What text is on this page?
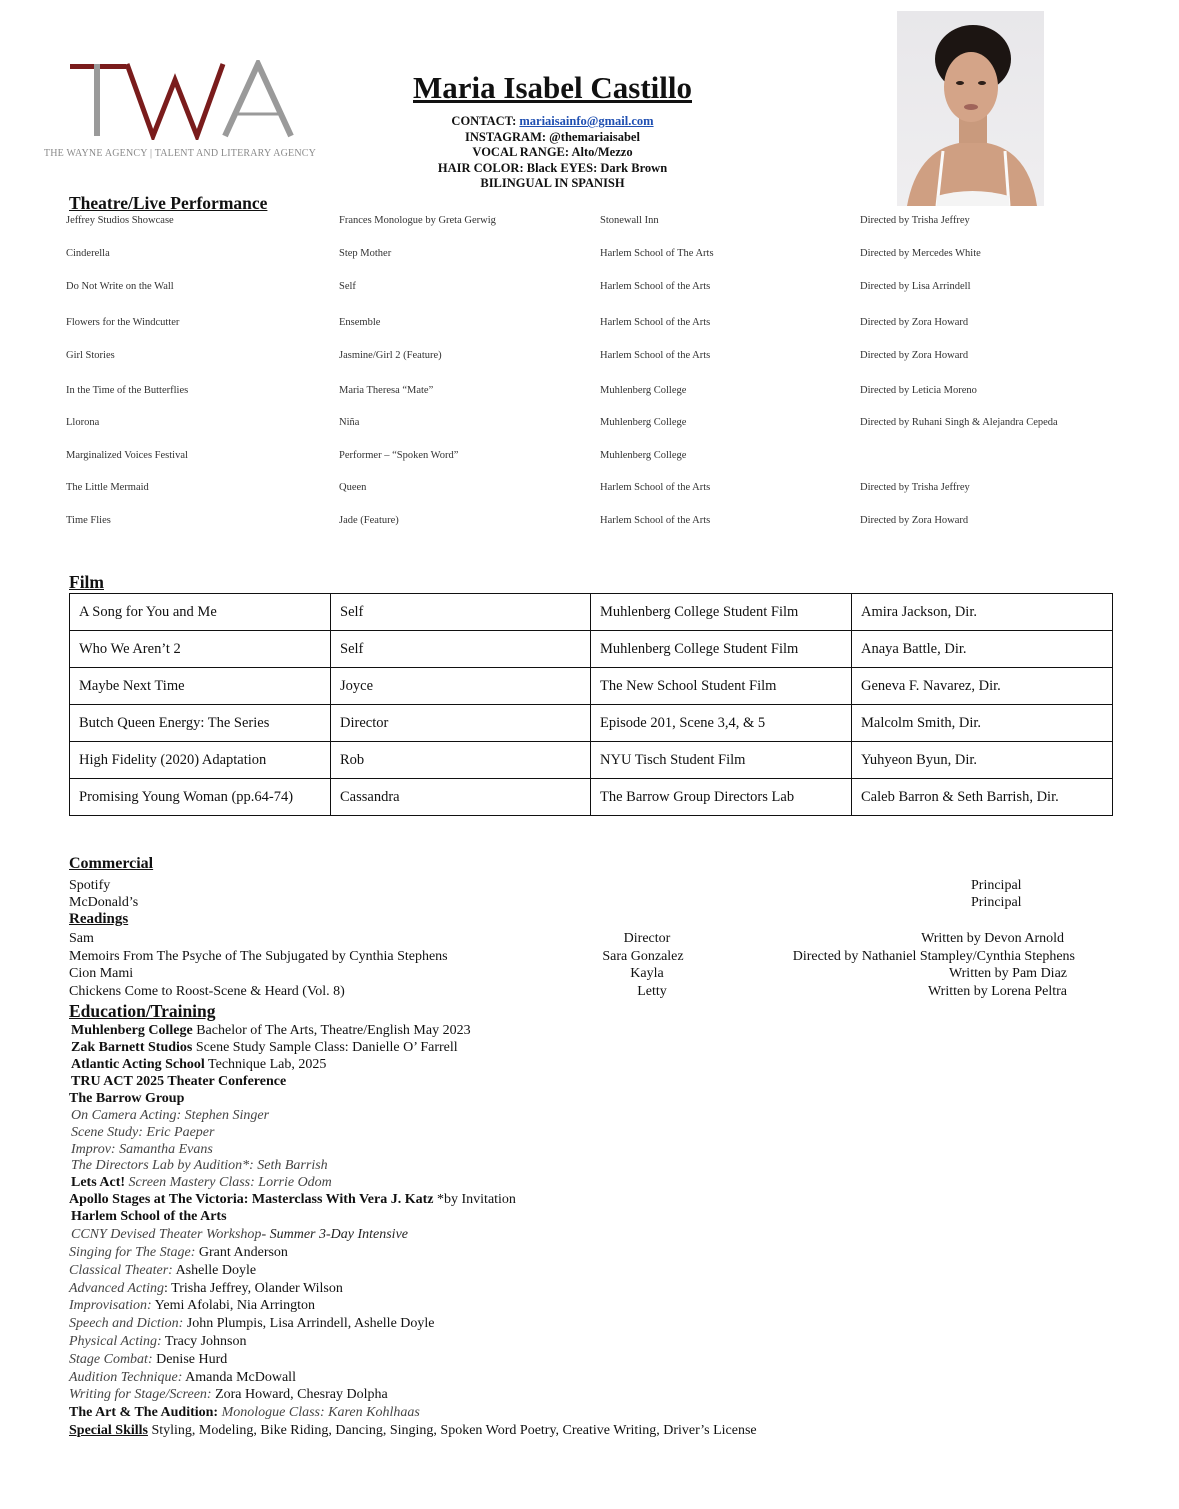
THE WAYNE AGENCY | TALENT AND LITERARY AGENCY
Maria Isabel Castillo
CONTACT: mariaisainfo@gmail.com
INSTAGRAM: @themariaisabel
VOCAL RANGE: Alto/Mezzo
HAIR COLOR: Black EYES: Dark Brown
BILINGUAL IN SPANISH
Theatre/Live Performance
Jeffrey Studios Showcase	Frances Monologue by Greta Gerwig	Stonewall Inn	Directed by Trisha Jeffrey
Cinderella	Step Mother	Harlem School of The Arts	Directed by Mercedes White
Do Not Write on the Wall	Self	Harlem School of the Arts	Directed by Lisa Arrindell
Flowers for the Windcutter	Ensemble	Harlem School of the Arts	Directed by Zora Howard
Girl Stories	Jasmine/Girl 2 (Feature)	Harlem School of the Arts	Directed by Zora Howard
In the Time of the Butterflies	Maria Theresa “Mate”	Muhlenberg College	Directed by Leticia Moreno
Llorona	Niña	Muhlenberg College	Directed by Ruhani Singh & Alejandra Cepeda
Marginalized Voices Festival	Performer – “Spoken Word”	Muhlenberg College
The Little Mermaid	Queen	Harlem School of the Arts	Directed by Trisha Jeffrey
Time Flies	Jade (Feature)	Harlem School of the Arts	Directed by Zora Howard
Film
A Song for You and Me	Self	Muhlenberg College Student Film	Amira Jackson, Dir.
Who We Aren’t 2	Self	Muhlenberg College Student Film	Anaya Battle, Dir.
Maybe Next Time	Joyce	The New School Student Film	Geneva F. Navarez, Dir.
Butch Queen Energy: The Series	Director	Episode 201, Scene 3,4, & 5	Malcolm Smith, Dir.
High Fidelity (2020) Adaptation	Rob	NYU Tisch Student Film	Yuhyeon Byun, Dir.
Promising Young Woman (pp.64-74)	Cassandra	The Barrow Group Directors Lab	Caleb Barron & Seth Barrish, Dir.
Commercial
Spotify	Principal
McDonald’s	Principal
Readings
Sam	Director	Written by Devon Arnold
Memoirs From The Psyche of The Subjugated by Cynthia Stephens	Sara Gonzalez	Directed by Nathaniel Stampley/Cynthia Stephens
Cion Mami	Kayla	Written by Pam Diaz
Chickens Come to Roost-Scene & Heard (Vol. 8)	Letty	Written by Lorena Peltra
Education/Training
Muhlenberg College Bachelor of The Arts, Theatre/English May 2023
Zak Barnett Studios Scene Study Sample Class: Danielle O’ Farrell
Atlantic Acting School Technique Lab, 2025
TRU ACT 2025 Theater Conference
The Barrow Group
On Camera Acting: Stephen Singer
Scene Study: Eric Paeper
Improv: Samantha Evans
The Directors Lab by Audition*: Seth Barrish
Lets Act! Screen Mastery Class: Lorrie Odom
Apollo Stages at The Victoria: Masterclass With Vera J. Katz *by Invitation
Harlem School of the Arts
CCNY Devised Theater Workshop- Summer 3-Day Intensive
Singing for The Stage: Grant Anderson
Classical Theater: Ashelle Doyle
Advanced Acting: Trisha Jeffrey, Olander Wilson
Improvisation: Yemi Afolabi, Nia Arrington
Speech and Diction: John Plumpis, Lisa Arrindell, Ashelle Doyle
Physical Acting: Tracy Johnson
Stage Combat: Denise Hurd
Audition Technique: Amanda McDowall
Writing for Stage/Screen: Zora Howard, Chesray Dolpha
The Art & The Audition: Monologue Class: Karen Kohlhaas
Special Skills Styling, Modeling, Bike Riding, Dancing, Singing, Spoken Word Poetry, Creative Writing, Driver’s License
